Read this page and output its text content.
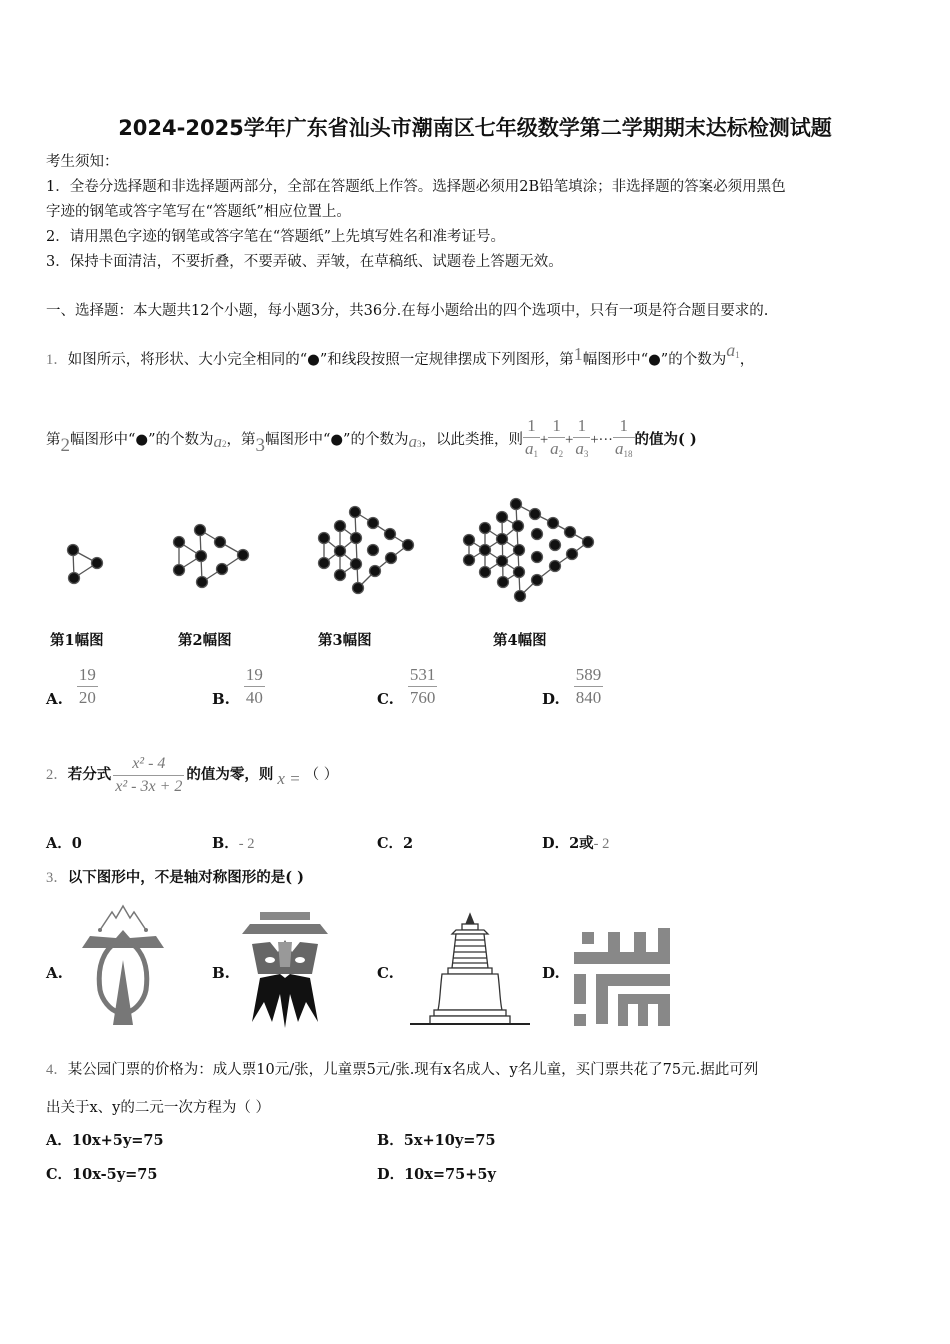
2024-2025学年广东省汕头市潮南区七年级数学第二学期期末达标检测试题
考生须知：
1．全卷分选择题和非选择题两部分，全部在答题纸上作答。选择题必须用2B铅笔填涂；非选择题的答案必须用黑色
字迹的钢笔或答字笔写在“答题纸”相应位置上。
2．请用黑色字迹的钢笔或答字笔在“答题纸”上先填写姓名和准考证号。
3．保持卡面清洁，不要折叠，不要弄破、弄皱，在草稿纸、试题卷上答题无效。
一、选择题：本大题共12个小题，每小题3分，共36分.在每小题给出的四个选项中，只有一项是符合题目要求的.
1．如图所示，将形状、大小完全相同的“●”和线段按照一定规律摆成下列图形，第1幅图形中“●”的个数为$a^1$，
第 2 幅图形中“●”的个数为 a 2 ，第 3 幅图形中“●”的个数为 a 3 ，以此类推，则 $\frac{1}{a_1} + \frac{1}{a_2} + \frac{1}{a_3}$ +··· $\frac{1}{a_{18}}$ 的值为( )
第1幅图	第2幅图	第3幅图	第4幅图
A. $\frac{19}{20}$	B. $\frac{19}{40}$	C. $\frac{531}{760}$	D. $\frac{589}{840}$
2． 若分式 $\frac{\text{x² - 4}}{\text{x² - 3x + 2}}$ 的值为零，则 x = （ ）
A．0	B．- 2	C．2	D．2或- 2
3．以下图形中，不是轴对称图形的是( )
A.	B.	C.	D.
4．某公园门票的价格为：成人票10元/张，儿童票5元/张.现有x名成人、y名儿童，买门票共花了75元.据此可列
出关于x、y的二元一次方程为（ ）
A．10x+5y=75	B．5x+10y=75
C．10x-5y=75	D．10x=75+5y
